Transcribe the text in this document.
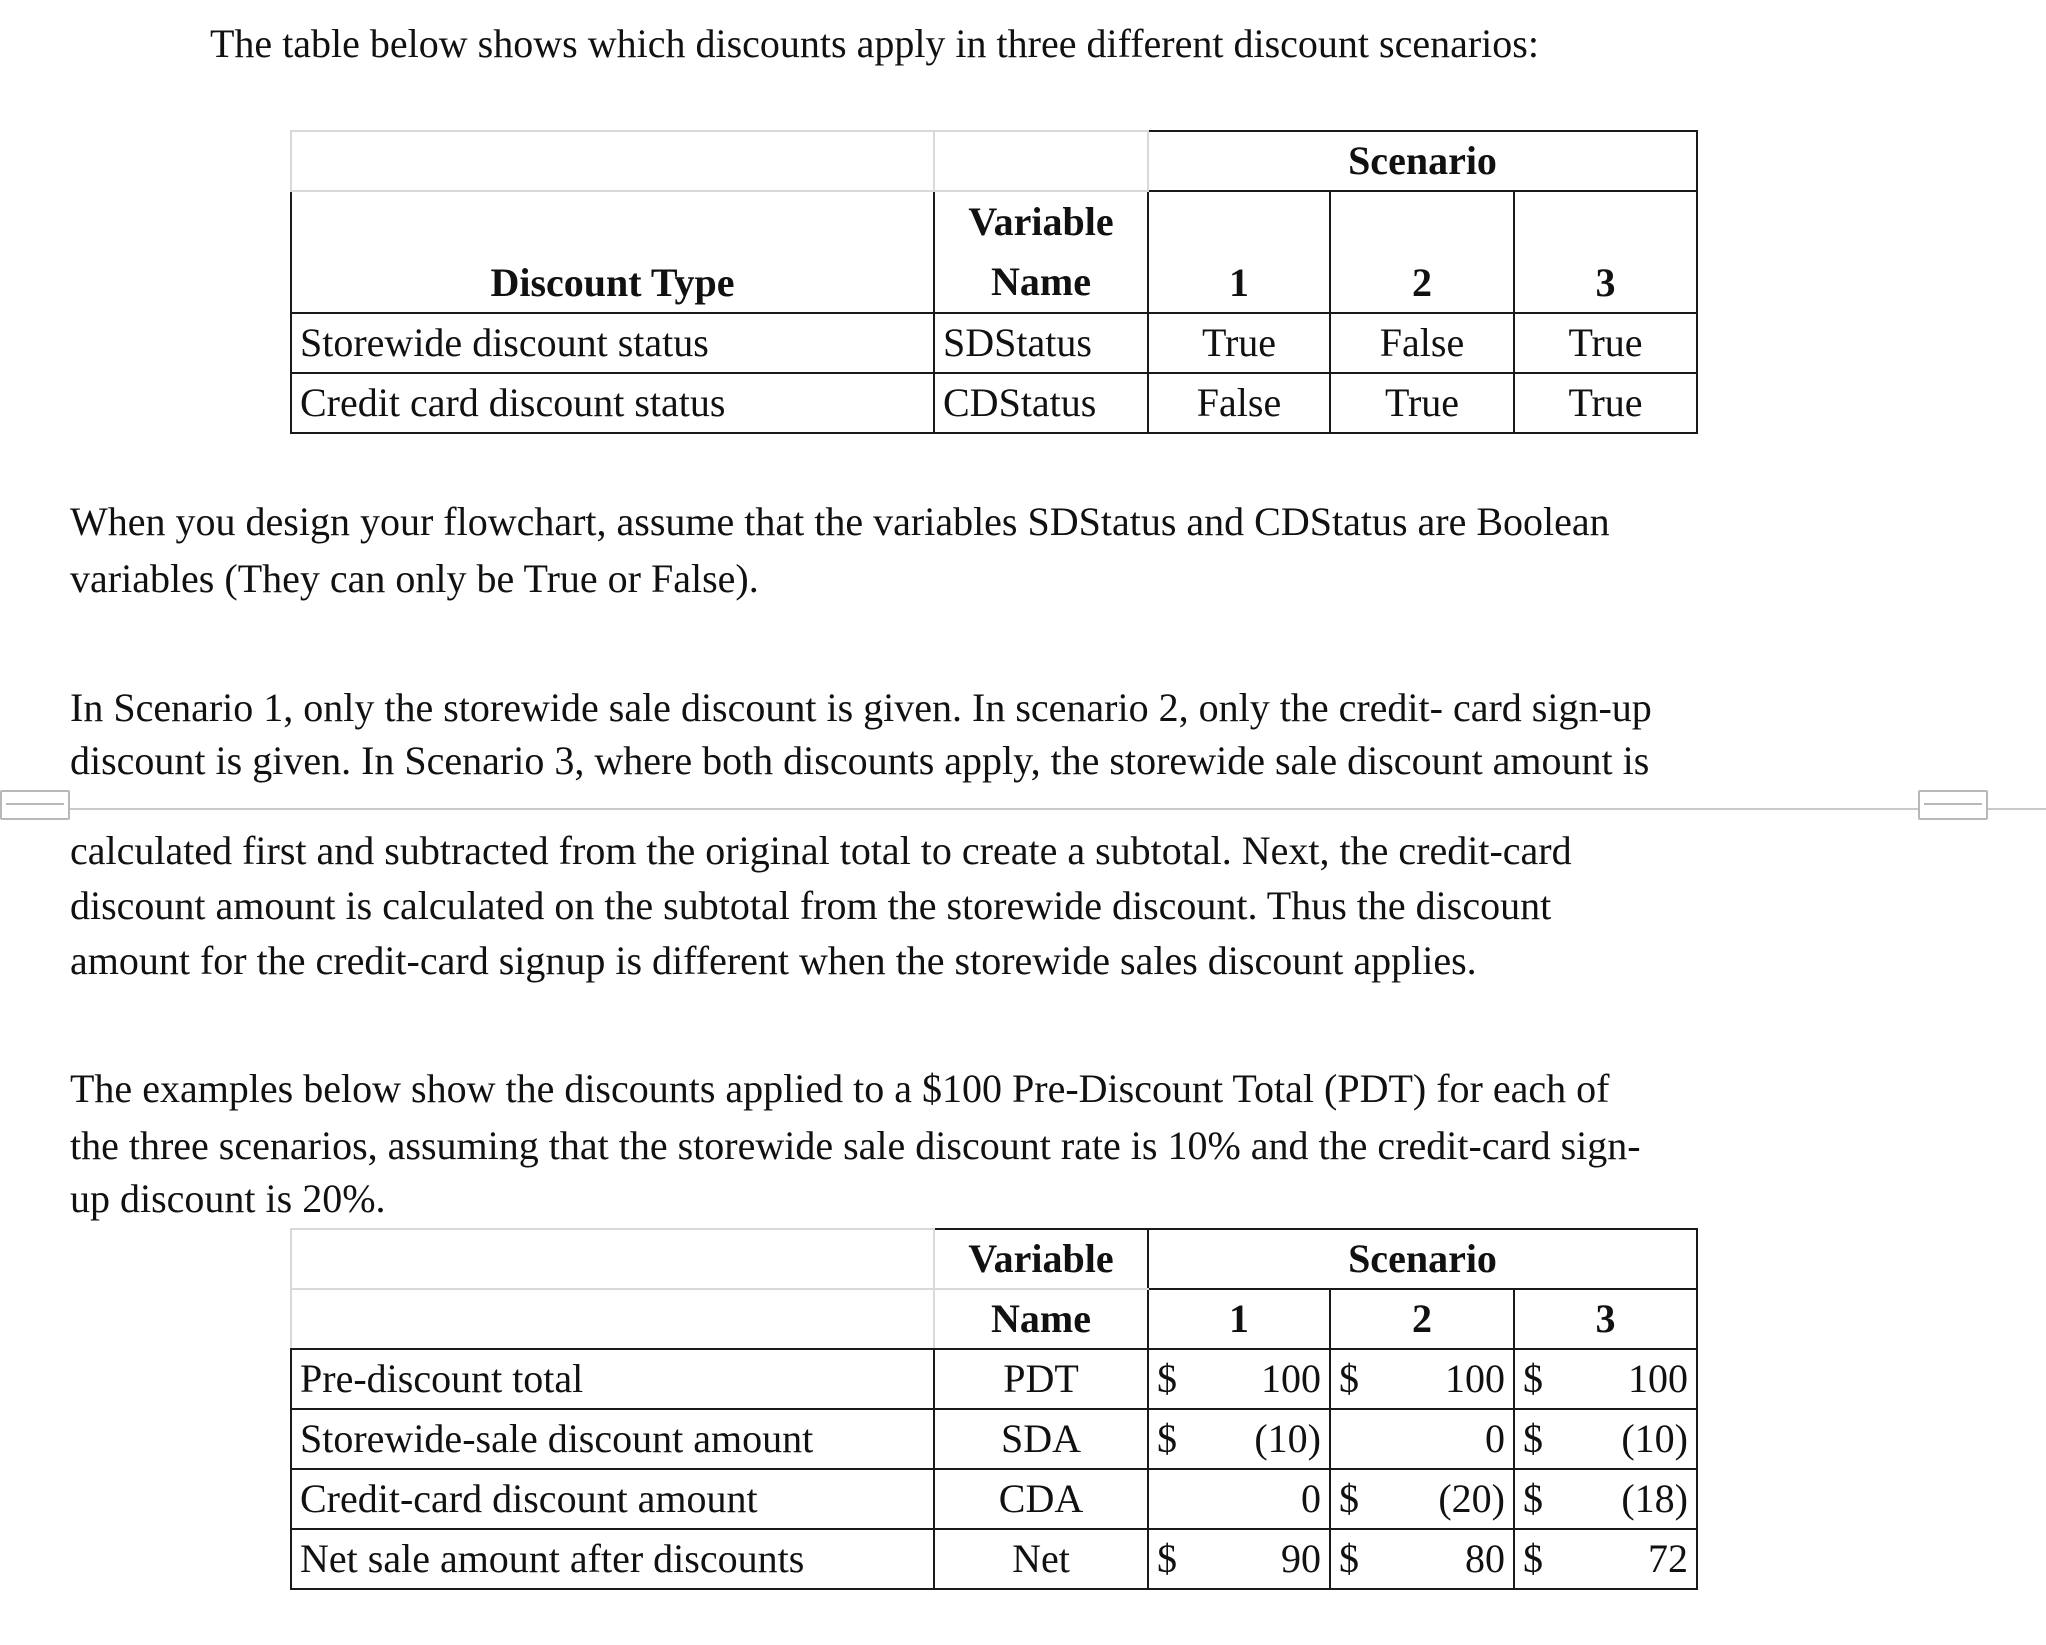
The table below shows which discounts apply in three different discount scenarios:

		Scenario		
Discount Type	Variable
Name	1	2	3
Storewide discount status	SDStatus	True	False	True
Credit card discount status	CDStatus	False	True	True

When you design your flowchart, assume that the variables SDStatus and CDStatus are Boolean

variables (They can only be True or False).

In Scenario 1, only the storewide sale discount is given. In scenario 2, only the credit- card sign-up

discount is given. In Scenario 3, where both discounts apply, the storewide sale discount amount is

calculated first and subtracted from the original total to create a subtotal. Next, the credit-card

discount amount is calculated on the subtotal from the storewide discount. Thus the discount

amount for the credit-card signup is different when the storewide sales discount applies.

The examples below show the discounts applied to a $100 Pre-Discount Total (PDT) for each of

the three scenarios, assuming that the storewide sale discount rate is 10% and the credit-card sign-

up discount is 20%.

	Variable	Scenario		
	Name	1	2	3
Pre-discount total	PDT	$ 100	$ 100	$ 100

Storewide-sale discount amount	SDA	$ (10)	0	$ (10)

Credit-card discount amount	CDA	0	$ (20)	$ (18)

Net sale amount after discounts	Net	$ 90	$ 80	$ 72
